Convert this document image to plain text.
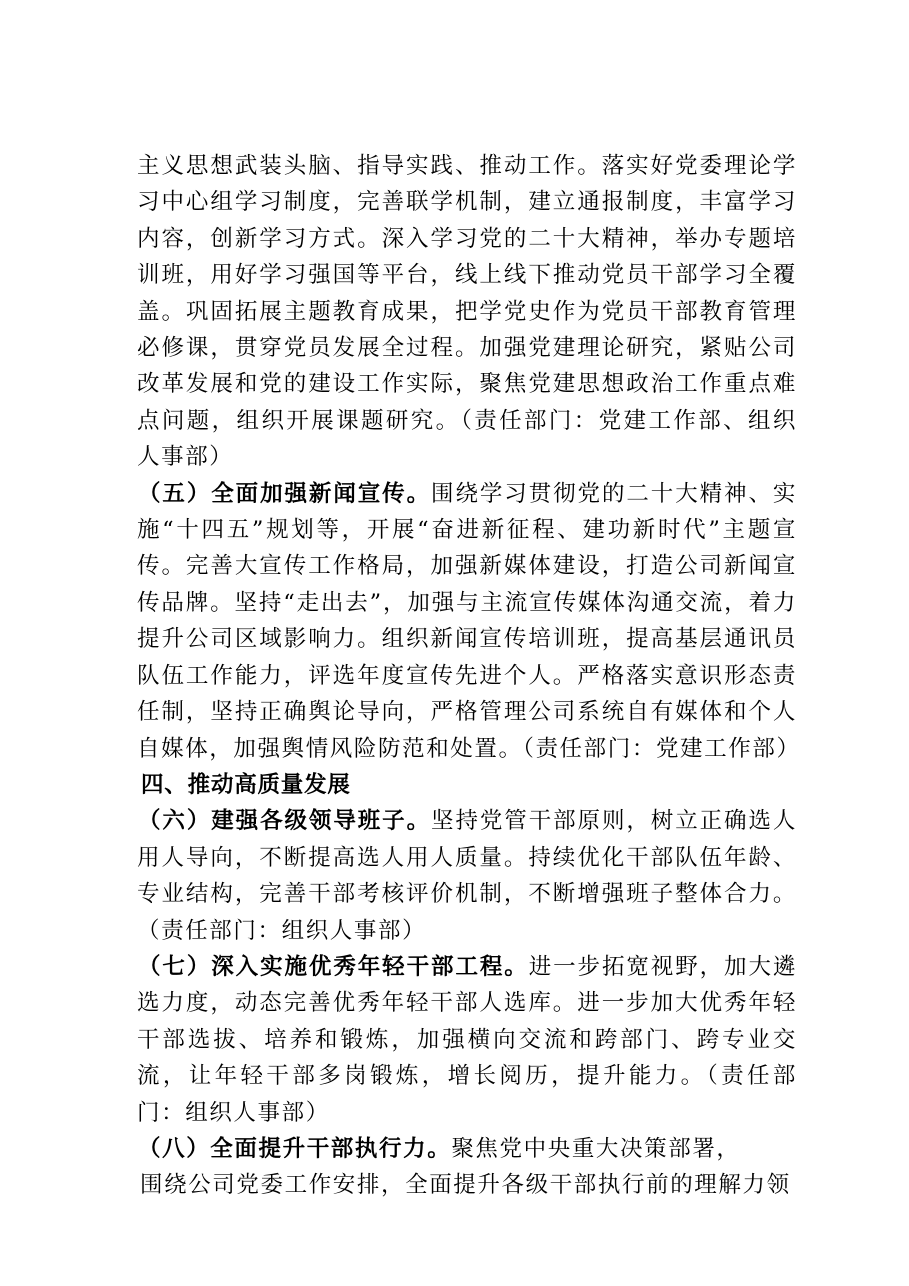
主义思想武装头脑、指导实践、推动工作。落实好党委理论学习中心组学习制度，完善联学机制，建立通报制度，丰富学习内容，创新学习方式。深入学习党的二十大精神，举办专题培训班，用好学习强国等平台，线上线下推动党员干部学习全覆盖。巩固拓展主题教育成果，把学党史作为党员干部教育管理必修课，贯穿党员发展全过程。加强党建理论研究，紧贴公司改革发展和党的建设工作实际，聚焦党建思想政治工作重点难点问题，组织开展课题研究。（责任部门：党建工作部、组织人事部）

（五）全面加强新闻宣传。围绕学习贯彻党的二十大精神、实施“十四五”规划等，开展“奋进新征程、建功新时代”主题宣传。完善大宣传工作格局，加强新媒体建设，打造公司新闻宣传品牌。坚持“走出去”，加强与主流宣传媒体沟通交流，着力提升公司区域影响力。组织新闻宣传培训班，提高基层通讯员队伍工作能力，评选年度宣传先进个人。严格落实意识形态责任制，坚持正确舆论导向，严格管理公司系统自有媒体和个人自媒体，加强舆情风险防范和处置。（责任部门：党建工作部）

四、推动高质量发展

（六）建强各级领导班子。坚持党管干部原则，树立正确选人用人导向，不断提高选人用人质量。持续优化干部队伍年龄、专业结构，完善干部考核评价机制，不断增强班子整体合力。（责任部门：组织人事部）

（七）深入实施优秀年轻干部工程。进一步拓宽视野，加大遴选力度，动态完善优秀年轻干部人选库。进一步加大优秀年轻干部选拔、培养和锻炼，加强横向交流和跨部门、跨专业交流，让年轻干部多岗锻炼，增长阅历，提升能力。（责任部门：组织人事部）

（八）全面提升干部执行力。聚焦党中央重大决策部署，

围绕公司党委工作安排，全面提升各级干部执行前的理解力领
